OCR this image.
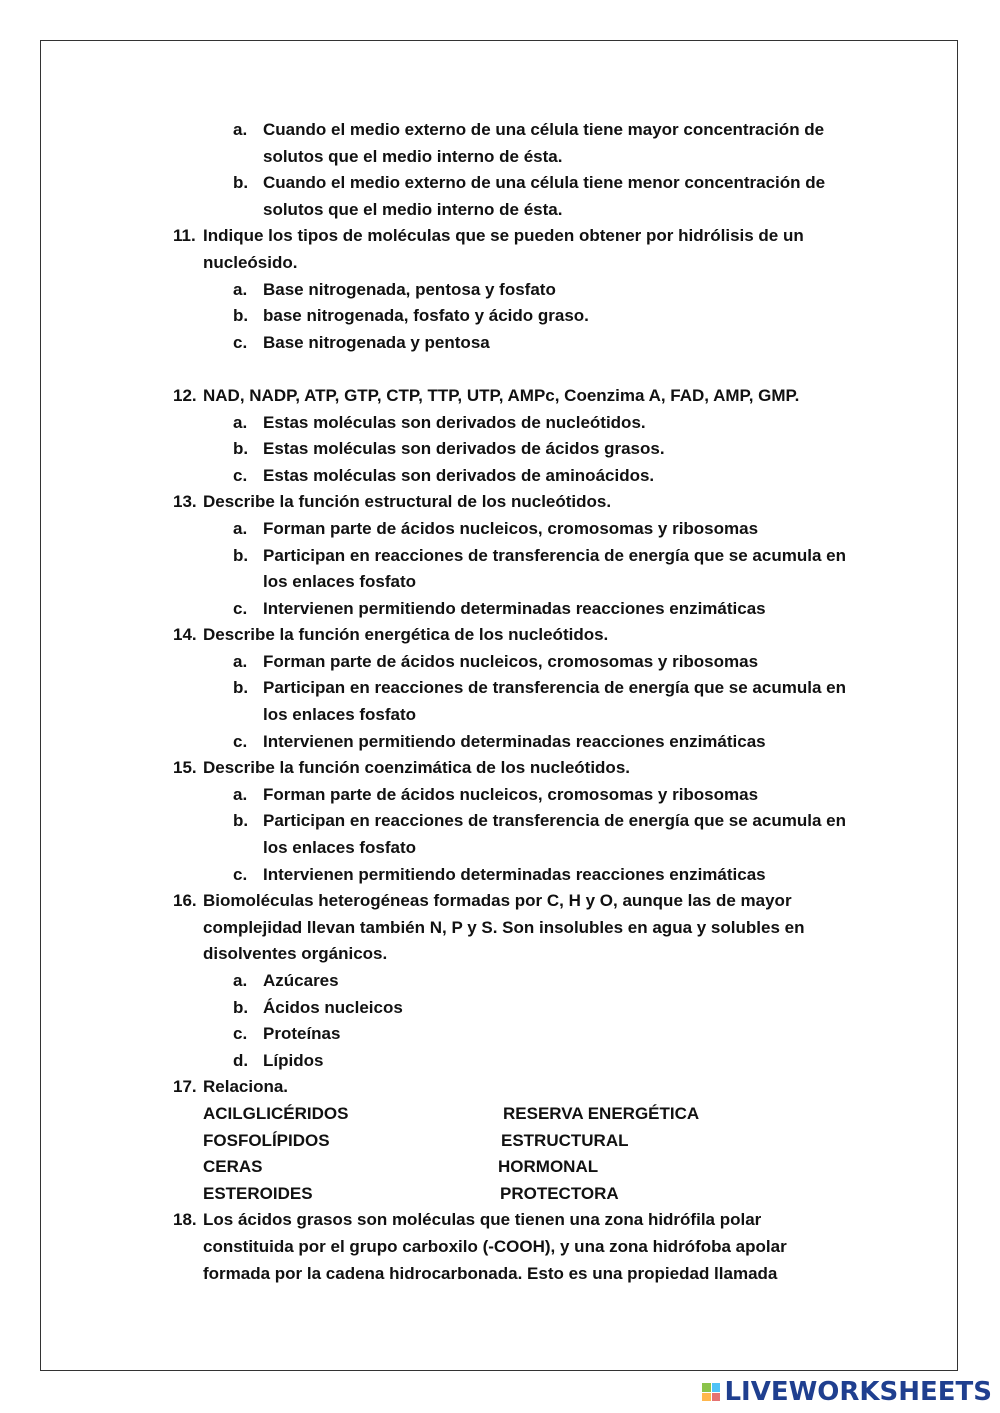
a. Cuando el medio externo de una célula tiene mayor concentración de solutos que el medio interno de ésta.
b. Cuando el medio externo de una célula tiene menor concentración de solutos que el medio interno de ésta.
11. Indique los tipos de moléculas que se pueden obtener por hidrólisis de un nucleósido.
a. Base nitrogenada, pentosa y fosfato
b. base nitrogenada, fosfato y ácido graso.
c. Base nitrogenada y pentosa
12. NAD, NADP, ATP, GTP, CTP, TTP, UTP, AMPc, Coenzima A, FAD, AMP, GMP.
a. Estas moléculas son derivados de nucleótidos.
b. Estas moléculas son derivados de ácidos grasos.
c. Estas moléculas son derivados de aminoácidos.
13. Describe la función estructural de los nucleótidos.
a. Forman parte de ácidos nucleicos, cromosomas y ribosomas
b. Participan en reacciones de transferencia de energía que se acumula en los enlaces fosfato
c. Intervienen permitiendo determinadas reacciones enzimáticas
14. Describe la función energética de los nucleótidos.
a. Forman parte de ácidos nucleicos, cromosomas y ribosomas
b. Participan en reacciones de transferencia de energía que se acumula en los enlaces fosfato
c. Intervienen permitiendo determinadas reacciones enzimáticas
15. Describe la función coenzimática de los nucleótidos.
a. Forman parte de ácidos nucleicos, cromosomas y ribosomas
b. Participan en reacciones de transferencia de energía que se acumula en los enlaces fosfato
c. Intervienen permitiendo determinadas reacciones enzimáticas
16. Biomoléculas heterogéneas formadas por C, H y O, aunque las de mayor complejidad llevan también N, P y S. Son insolubles en agua y solubles en disolventes orgánicos.
a. Azúcares
b. Ácidos nucleicos
c. Proteínas
d. Lípidos
17. Relaciona.
ACILGLICÉRIDOS	RESERVA ENERGÉTICA
FOSFOLÍPIDOS	ESTRUCTURAL
CERAS	HORMONAL
ESTEROIDES	PROTECTORA
18. Los ácidos grasos son moléculas que tienen una zona hidrófila polar constituida por el grupo carboxilo (-COOH), y una zona hidrófoba apolar formada por la cadena hidrocarbonada. Esto es una propiedad llamada
LIVEWORKSHEETS
